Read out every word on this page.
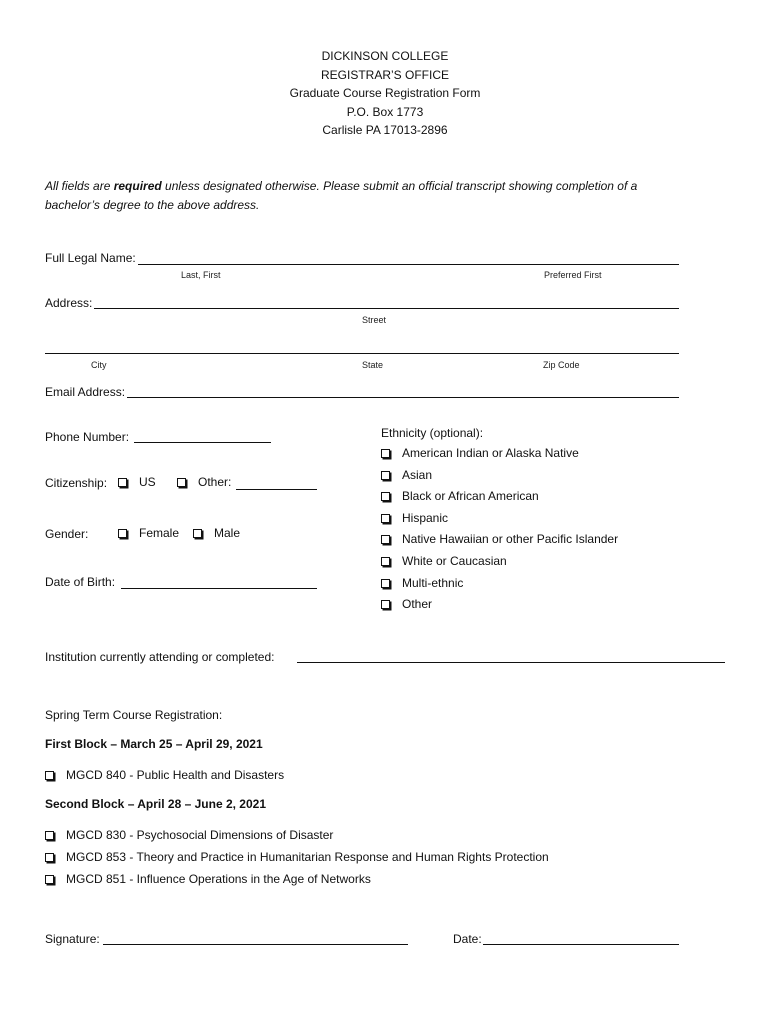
DICKINSON COLLEGE
REGISTRAR’S OFFICE
Graduate Course Registration Form
P.O. Box 1773
Carlisle PA 17013-2896
All fields are required unless designated otherwise. Please submit an official transcript showing completion of a bachelor’s degree to the above address.
Full Legal Name:
Last, First	Preferred First
Address:
Street
City	State	Zip Code
Email Address:
Phone Number:
Citizenship:	US	Other:
Gender:	Female	Male
Date of Birth:
Ethnicity (optional):
American Indian or Alaska Native
Asian
Black or African American
Hispanic
Native Hawaiian or other Pacific Islander
White or Caucasian
Multi-ethnic
Other
Institution currently attending or completed:
Spring Term Course Registration:
First Block – March 25 – April 29, 2021
MGCD 840 - Public Health and Disasters
Second Block – April 28 – June 2, 2021
MGCD 830 - Psychosocial Dimensions of Disaster
MGCD 853 - Theory and Practice in Humanitarian Response and Human Rights Protection
MGCD 851 - Influence Operations in the Age of Networks
Signature:	Date:
